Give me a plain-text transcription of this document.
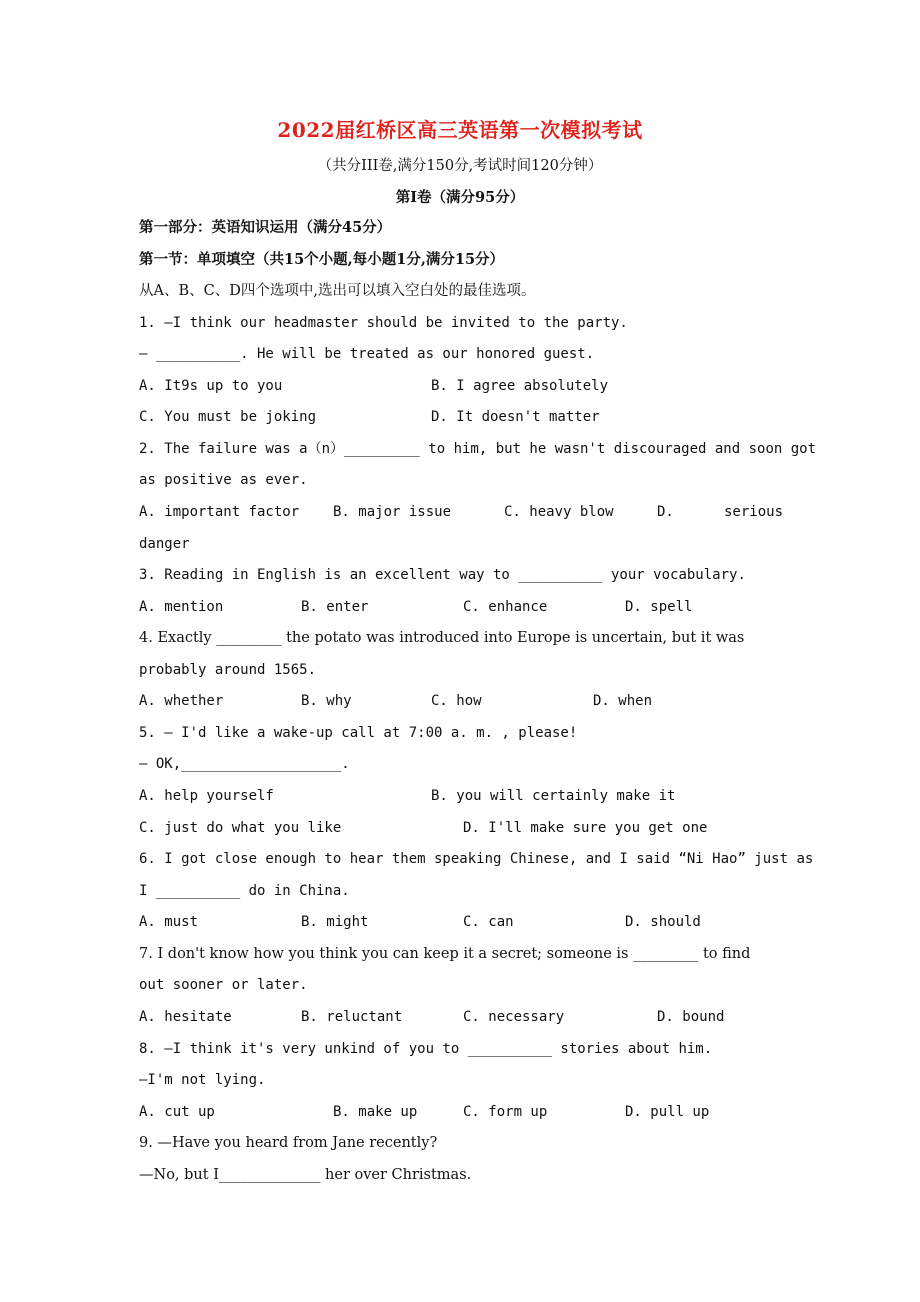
2022届红桥区高三英语第一次模拟考试
（共分III卷,满分150分,考试时间120分钟）
第I卷（满分95分）
第一部分：英语知识运用（满分45分）
第一节：单项填空（共15个小题,每小题1分,满分15分）
从A、B、C、D四个选项中,选出可以填入空白处的最佳选项。
1. —I think our headmaster should be invited to the party.
— __________. He will be treated as our honored guest.
A. It9s up to you	B. I agree absolutely
C. You must be joking	D. It doesn't matter
2. The failure was a（n）_________ to him, but he wasn't discouraged and soon got
as positive as ever.
A. important factor B. major issue	C. heavy blow	D.	serious
danger
3. Reading in English is an excellent way to __________ your vocabulary.
A. mention	B. enter	C. enhance	D. spell
4. Exactly _________ the potato was introduced into Europe is uncertain, but it was
probably around 1565.
A. whether	B. why	C. how	D. when
5. — I'd like a wake-up call at 7:00 a. m. , please!
— OK,___________________.
A. help yourself	B. you will certainly make it
C. just do what you like	D. I'll make sure you get one
6. I got close enough to hear them speaking Chinese, and I said “Ni Hao” just as
I __________ do in China.
A. must	B. might	C. can	D. should
7. I don't know how you think you can keep it a secret; someone is _________ to find
out sooner or later.
A. hesitate	B. reluctant	C. necessary	D. bound
8. —I think it's very unkind of you to __________ stories about him.
—I'm not lying.
A. cut up	B. make up	C. form up	D. pull up
9. —Have you heard from Jane recently?
—No, but I______________ her over Christmas.
